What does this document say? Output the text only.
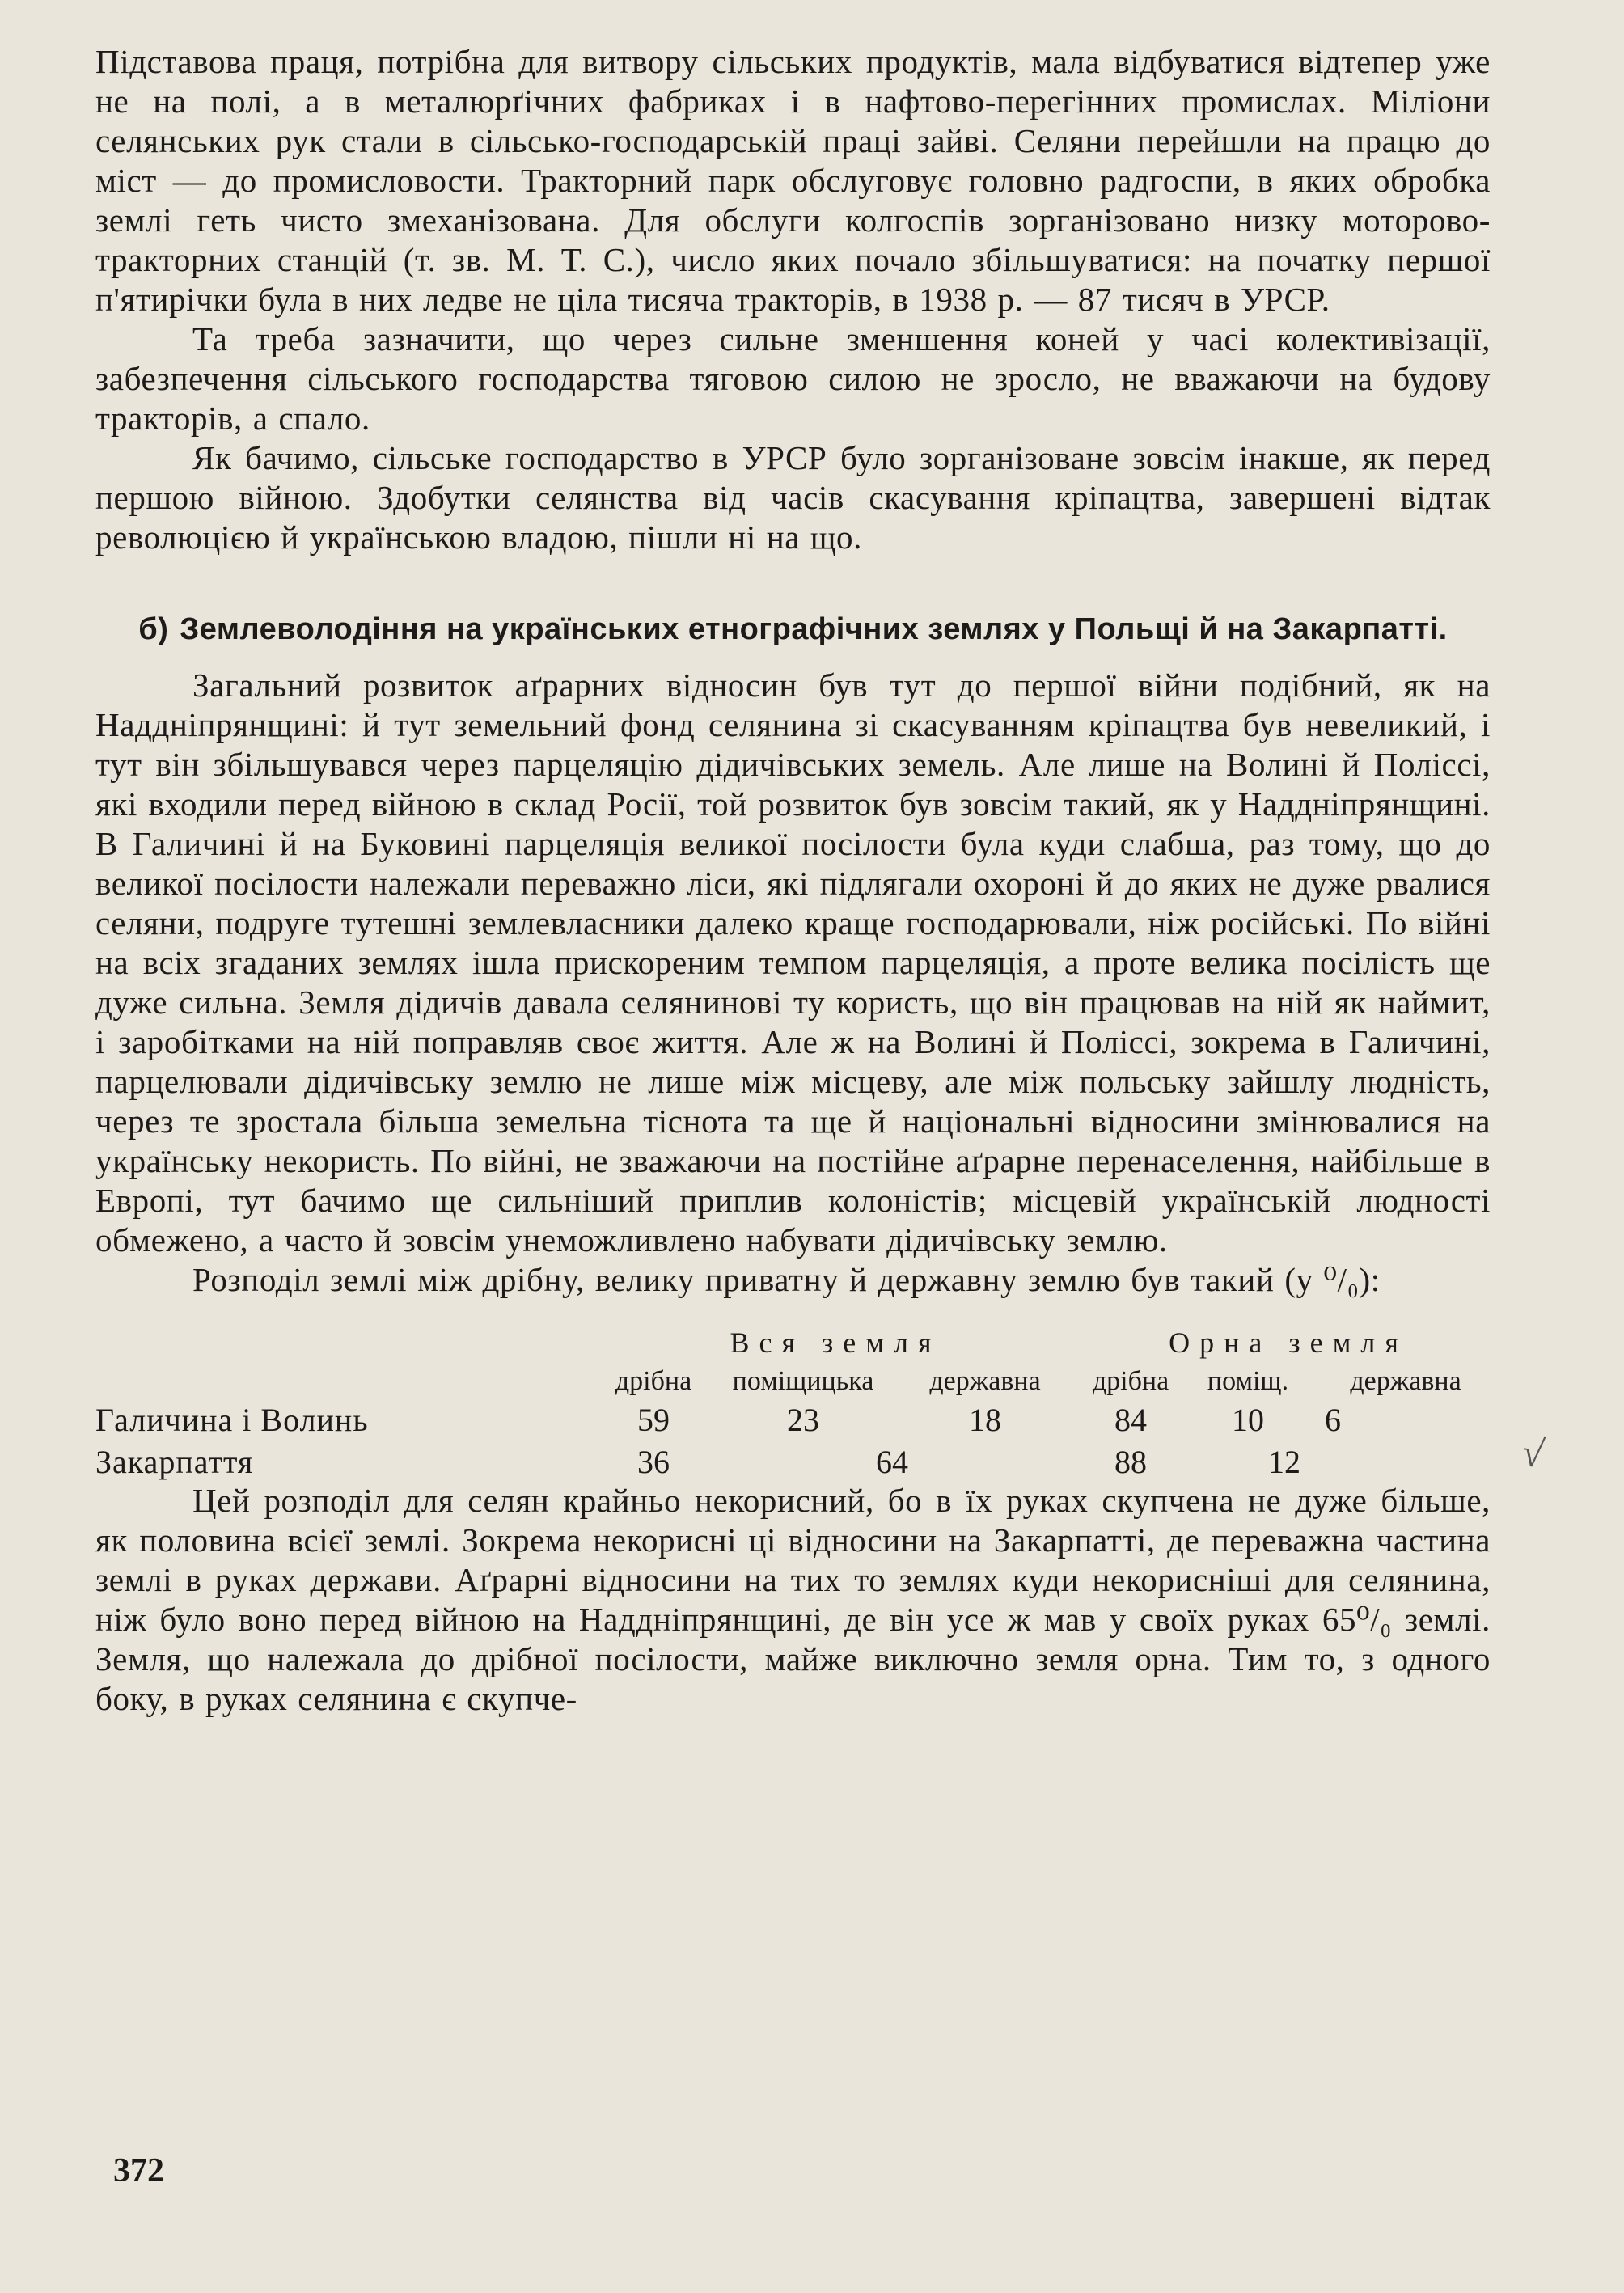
Підставова праця, потрібна для витвору сільських продуктів, мала відбуватися відтепер уже не на полі, а в металюрґічних фабриках і в нафтово-перегінних промислах. Міліони селянських рук стали в сільсько-господарській праці зайві. Селяни перейшли на працю до міст — до промисловости. Тракторний парк обслуговує головно радгоспи, в яких обробка землі геть чисто змеханізована. Для обслуги колгоспів зорганізовано низку моторово-тракторних станцій (т. зв. М. Т. С.), число яких почало збільшуватися: на початку першої п'ятирічки була в них ледве не ціла тисяча тракторів, в 1938 р. — 87 тисяч в УРСР.

Та треба зазначити, що через сильне зменшення коней у часі колективізації, забезпечення сільського господарства тяговою силою не зросло, не вважаючи на будову тракторів, а спало.

Як бачимо, сільське господарство в УРСР було зорганізоване зовсім інакше, як перед першою війною. Здобутки селянства від часів скасування кріпацтва, завершені відтак революцією й українською владою, пішли ні на що.

б) Землеволодіння на українських етнографічних землях у Польщі й на Закарпатті.

Загальний розвиток аґрарних відносин був тут до першої війни подібний, як на Наддніпрянщині: й тут земельний фонд селянина зі скасуванням кріпацтва був невеликий, і тут він збільшувався через парцеляцію дідичівських земель. Але лише на Волині й Поліссі, які входили перед війною в склад Росії, той розвиток був зовсім такий, як у Наддніпрянщині. В Галичині й на Буковині парцеляція великої посілости була куди слабша, раз тому, що до великої посілости належали переважно ліси, які підлягали охороні й до яких не дуже рвалися селяни, подруге тутешні землевласники далеко краще господарювали, ніж російські. По війні на всіх згаданих землях ішла прискореним темпом парцеляція, а проте велика посілість ще дуже сильна. Земля дідичів давала селянинові ту користь, що він працював на ній як наймит, і заробітками на ній поправляв своє життя. Але ж на Волині й Поліссі, зокрема в Галичині, парцелювали дідичівську землю не лише між місцеву, але між польську зайшлу людність, через те зростала більша земельна тіснота та ще й національні відносини змінювалися на українську некористь. По війні, не зважаючи на постійне аґрарне перенаселення, найбільше в Европі, тут бачимо ще сильніший приплив колоністів; місцевій українській людності обмежено, а часто й зовсім унеможливлено набувати дідичівську землю.

Розподіл землі між дрібну, велику приватну й державну землю був такий (у ⁰/₀):

	Вся земля			Орна земля		
	дрібна	поміщицька	державна	дрібна	поміщ.	державна
Галичина і Волинь	59	23	18	84	10	6
Закарпаття	36	64		88	12	

Цей розподіл для селян крайньо некорисний, бо в їх руках скупчена не дуже більше, як половина всієї землі. Зокрема некорисні ці відносини на Закарпатті, де переважна частина землі в руках держави. Аґрарні відносини на тих то землях куди некорисніші для селянина, ніж було воно перед війною на Наддніпрянщині, де він усе ж мав у своїх руках 65⁰/₀ землі. Земля, що належала до дрібної посілости, майже виключно земля орна. Тим то, з одного боку, в руках селянина є скупче-

√
372
